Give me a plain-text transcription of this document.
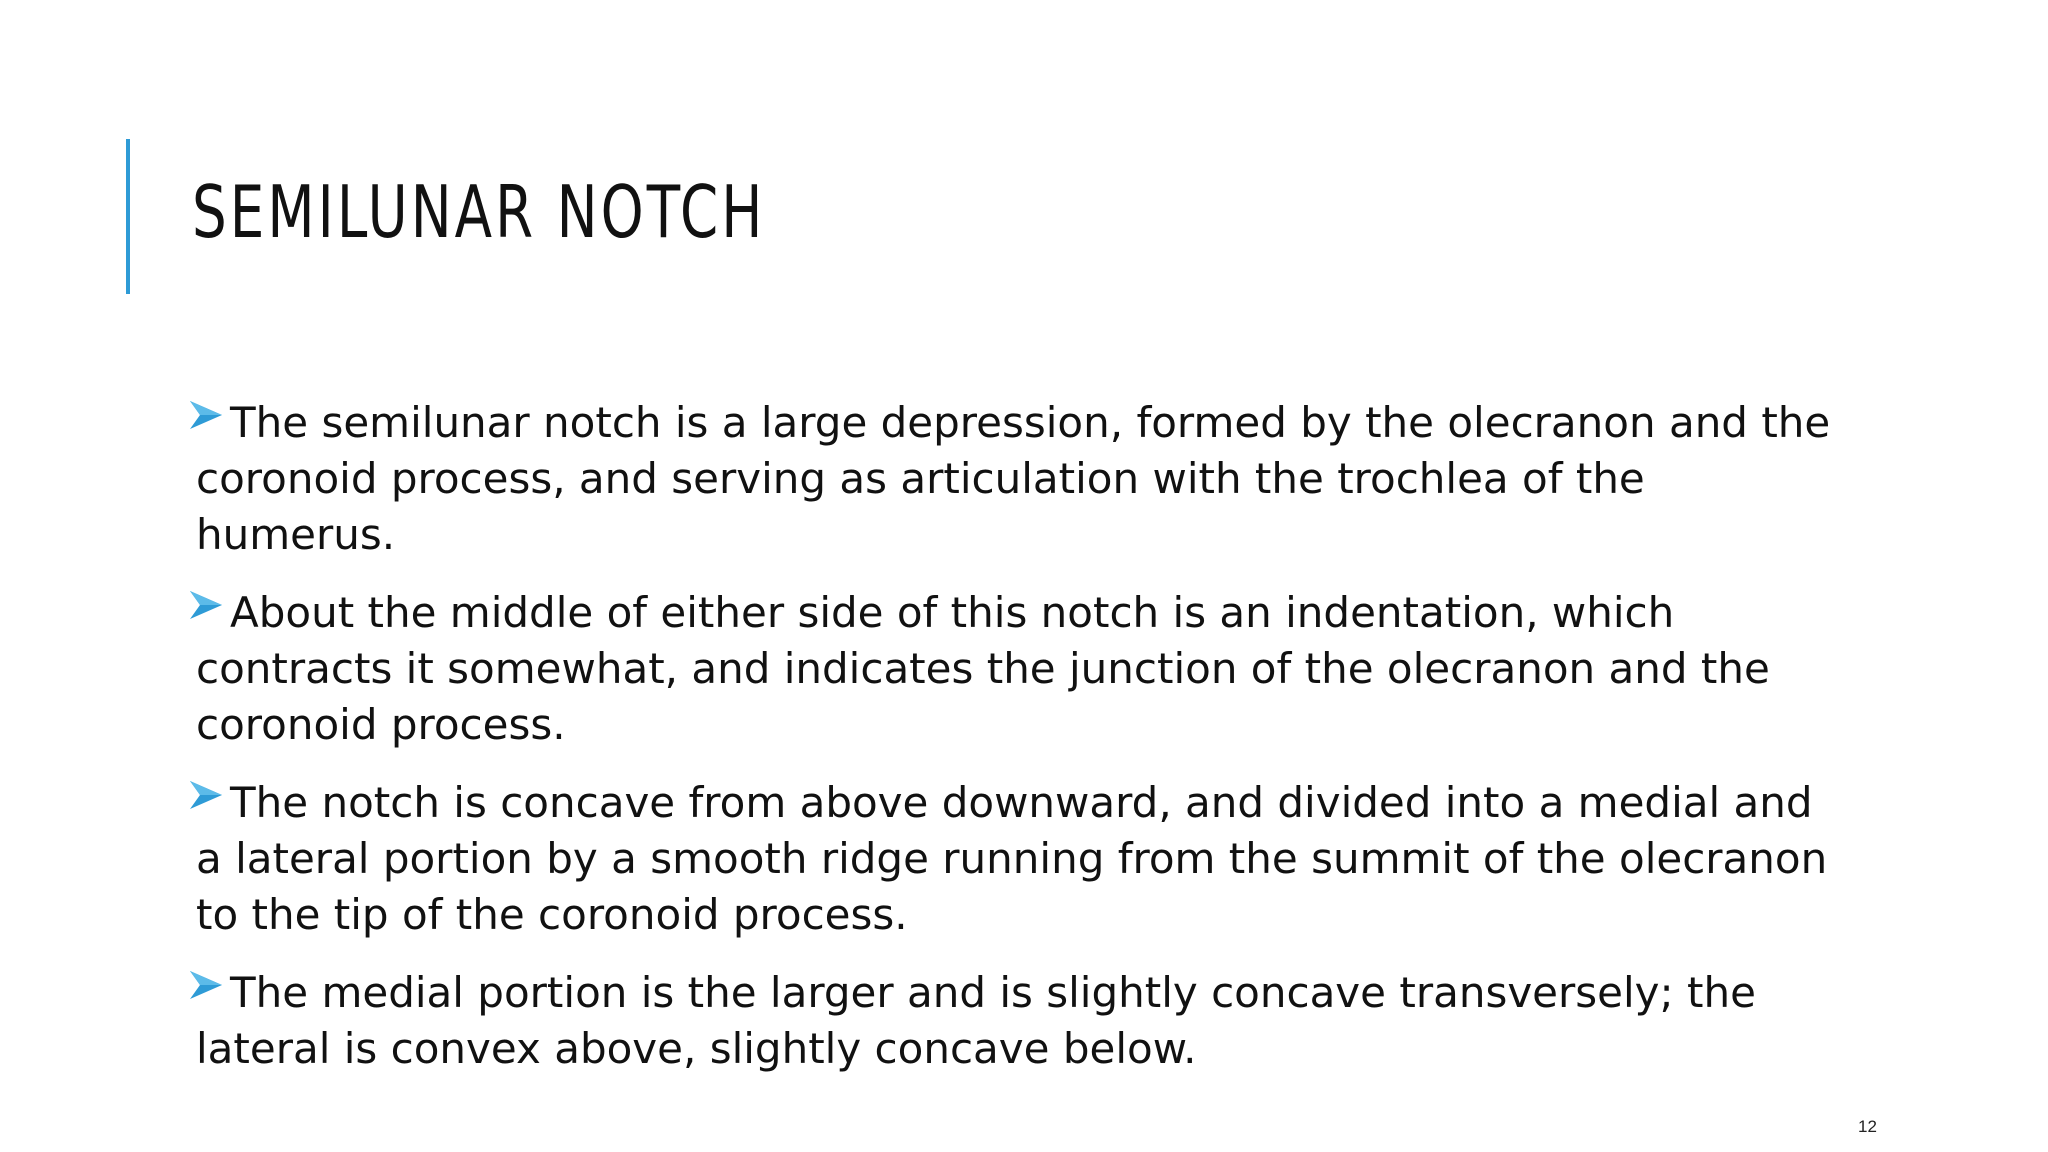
SEMILUNAR NOTCH
The semilunar notch is a large depression, formed by the olecranon and the coronoid process, and serving as articulation with the trochlea of the humerus.
About the middle of either side of this notch is an indentation, which contracts it somewhat, and indicates the junction of the olecranon and the coronoid process.
The notch is concave from above downward, and divided into a medial and a lateral portion by a smooth ridge running from the summit of the olecranon to the tip of the coronoid process.
The medial portion is the larger and is slightly concave transversely; the lateral is convex above, slightly concave below.
12
